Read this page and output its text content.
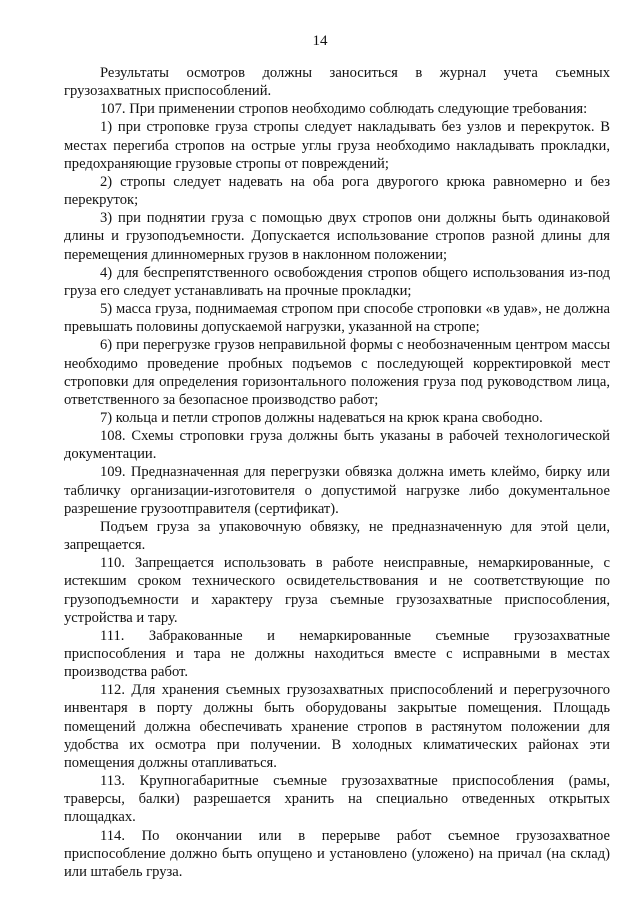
14

Результаты осмотров должны заноситься в журнал учета съемных грузозахватных приспособлений.

107. При применении стропов необходимо соблюдать следующие требования:

1) при строповке груза стропы следует накладывать без узлов и перекруток. В местах перегиба стропов на острые углы груза необходимо накладывать прокладки, предохраняющие грузовые стропы от повреждений;

2) стропы следует надевать на оба рога двурогого крюка равномерно и без перекруток;

3) при поднятии груза с помощью двух стропов они должны быть одинаковой длины и грузоподъемности. Допускается использование стропов разной длины для перемещения длинномерных грузов в наклонном положении;

4) для беспрепятственного освобождения стропов общего использования из-под груза его следует устанавливать на прочные прокладки;

5) масса груза, поднимаемая стропом при способе строповки «в удав», не должна превышать половины допускаемой нагрузки, указанной на стропе;

6) при перегрузке грузов неправильной формы с необозначенным центром массы необходимо проведение пробных подъемов с последующей корректировкой мест строповки для определения горизонтального положения груза под руководством лица, ответственного за безопасное производство работ;

7) кольца и петли стропов должны надеваться на крюк крана свободно.

108. Схемы строповки груза должны быть указаны в рабочей технологической документации.

109. Предназначенная для перегрузки обвязка должна иметь клеймо, бирку или табличку организации-изготовителя о допустимой нагрузке либо документальное разрешение грузоотправителя (сертификат).

Подъем груза за упаковочную обвязку, не предназначенную для этой цели, запрещается.

110. Запрещается использовать в работе неисправные, немаркированные, с истекшим сроком технического освидетельствования и не соответствующие по грузоподъемности и характеру груза съемные грузозахватные приспособления, устройства и тару.

111. Забракованные и немаркированные съемные грузозахватные приспособления и тара не должны находиться вместе с исправными в местах производства работ.

112. Для хранения съемных грузозахватных приспособлений и перегрузочного инвентаря в порту должны быть оборудованы закрытые помещения. Площадь помещений должна обеспечивать хранение стропов в растянутом положении для удобства их осмотра при получении. В холодных климатических районах эти помещения должны отапливаться.

113. Крупногабаритные съемные грузозахватные приспособления (рамы, траверсы, балки) разрешается хранить на специально отведенных открытых площадках.

114. По окончании или в перерыве работ съемное грузозахватное приспособление должно быть опущено и установлено (уложено) на причал (на склад) или штабель груза.
